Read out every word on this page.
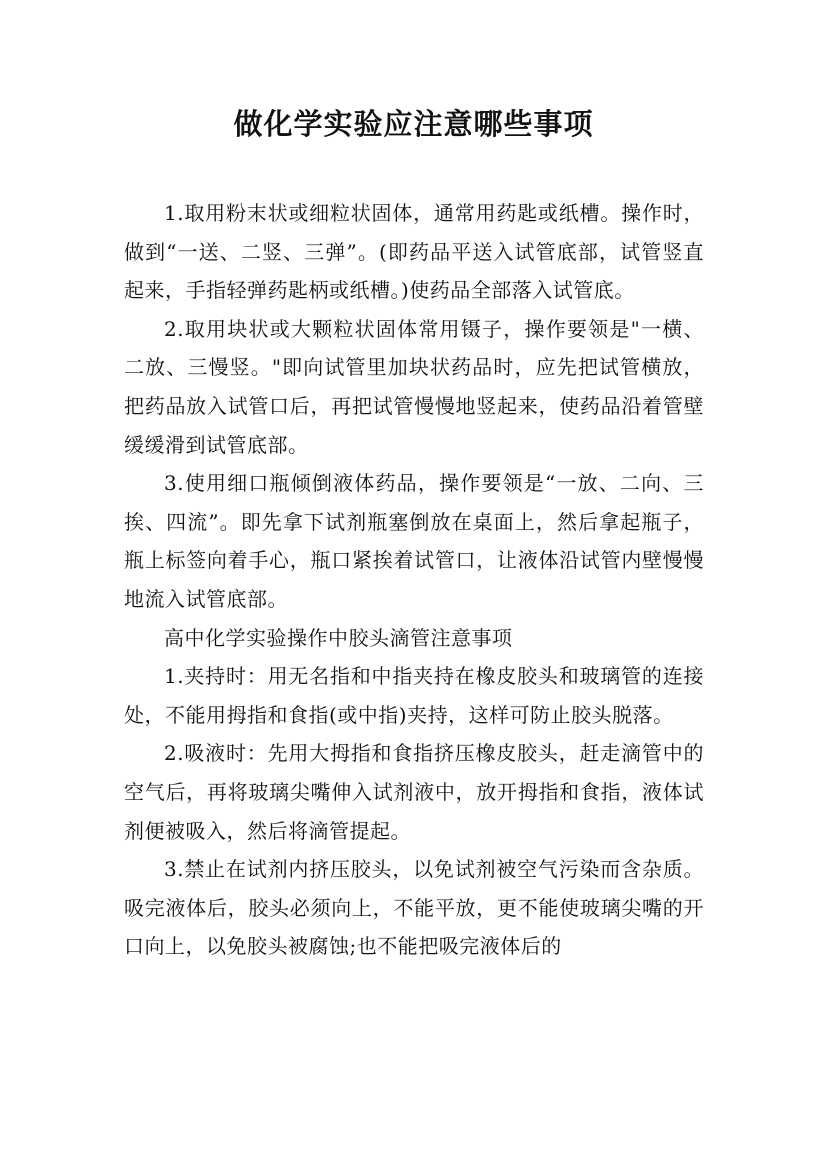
做化学实验应注意哪些事项

1.取用粉末状或细粒状固体，通常用药匙或纸槽。操作时，做到“一送、二竖、三弹”。(即药品平送入试管底部，试管竖直起来，手指轻弹药匙柄或纸槽。)使药品全部落入试管底。

2.取用块状或大颗粒状固体常用镊子，操作要领是"一横、二放、三慢竖。"即向试管里加块状药品时，应先把试管横放，把药品放入试管口后，再把试管慢慢地竖起来，使药品沿着管壁缓缓滑到试管底部。

3.使用细口瓶倾倒液体药品，操作要领是“一放、二向、三挨、四流”。即先拿下试剂瓶塞倒放在桌面上，然后拿起瓶子，瓶上标签向着手心，瓶口紧挨着试管口，让液体沿试管内壁慢慢地流入试管底部。

高中化学实验操作中胶头滴管注意事项

1.夹持时：用无名指和中指夹持在橡皮胶头和玻璃管的连接处，不能用拇指和食指(或中指)夹持，这样可防止胶头脱落。

2.吸液时：先用大拇指和食指挤压橡皮胶头，赶走滴管中的空气后，再将玻璃尖嘴伸入试剂液中，放开拇指和食指，液体试剂便被吸入，然后将滴管提起。

3.禁止在试剂内挤压胶头，以免试剂被空气污染而含杂质。吸完液体后，胶头必须向上，不能平放，更不能使玻璃尖嘴的开口向上，以免胶头被腐蚀;也不能把吸完液体后的
